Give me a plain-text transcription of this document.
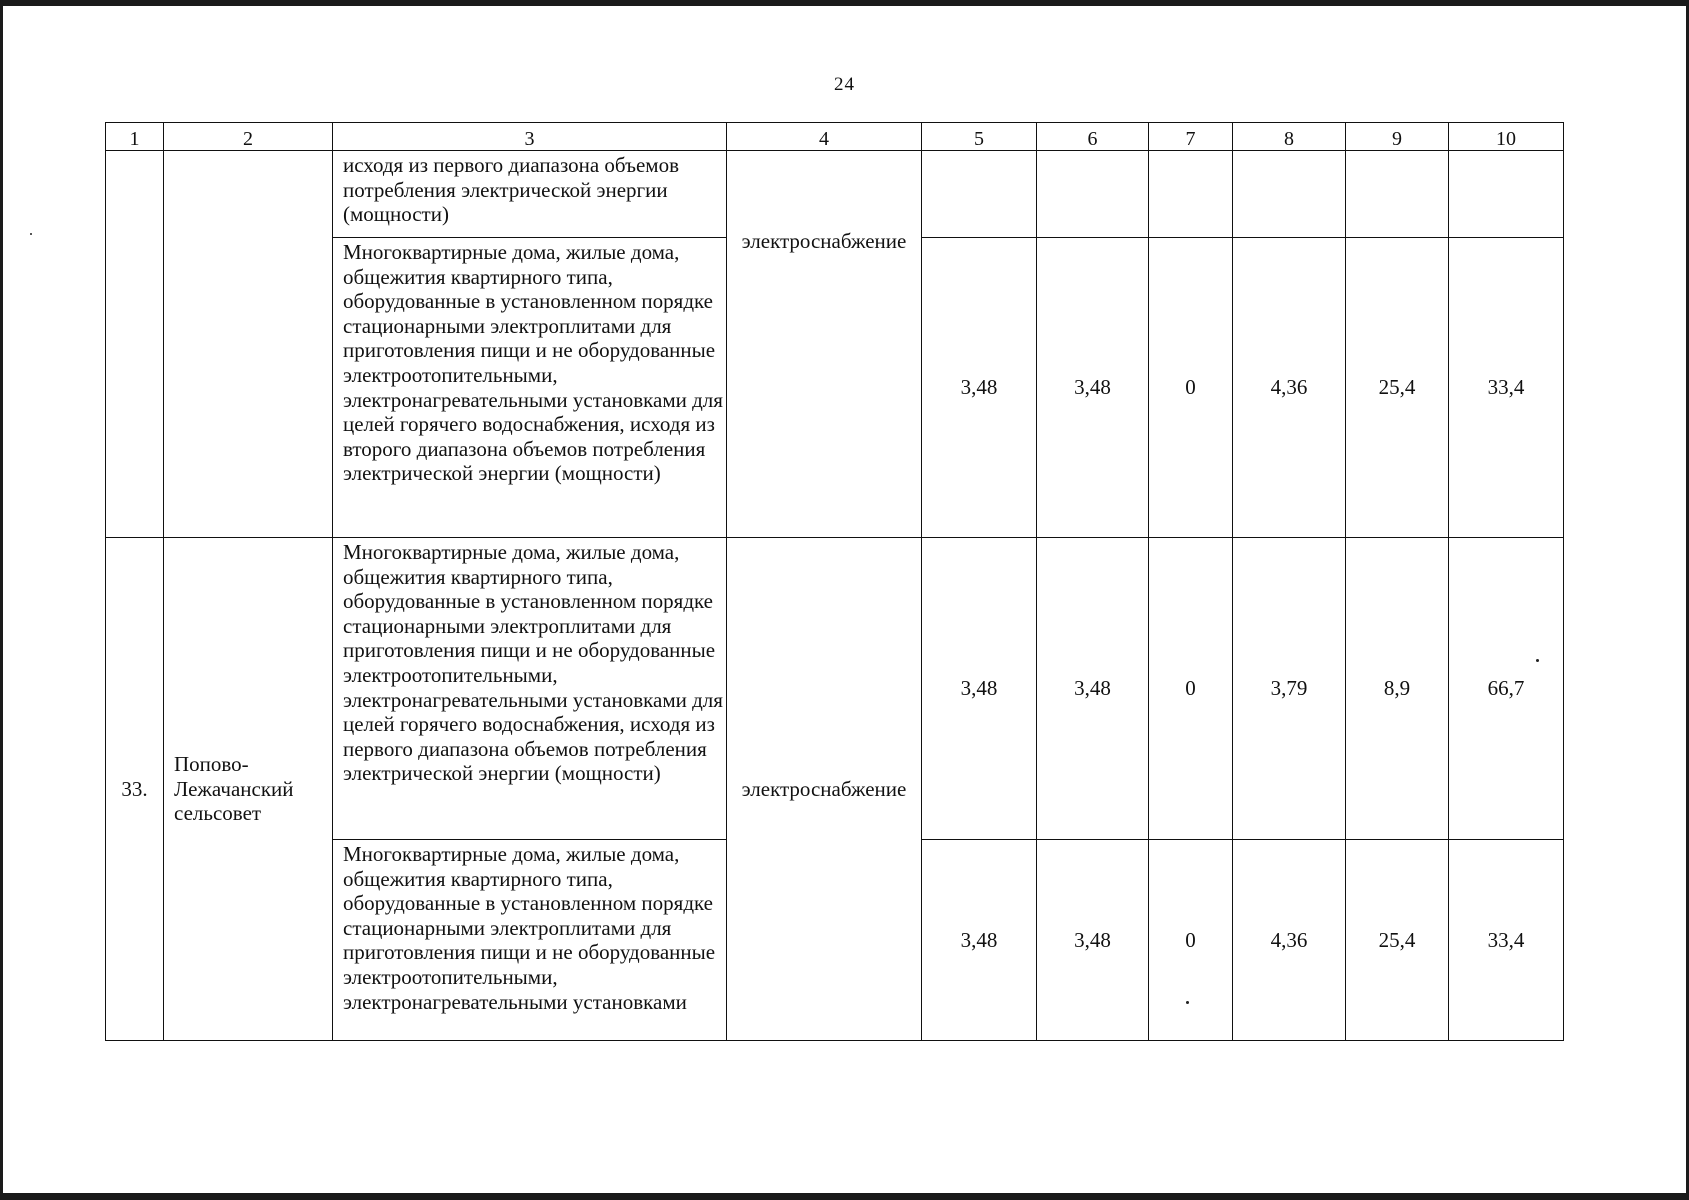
24
1	2	3	4	5	6	7	8	9	10
		исходя из первого диапазона объемов потребления электрической энергии (мощности)	электроснабжение						
		Многоквартирные дома, жилые дома, общежития квартирного типа, оборудованные в установленном порядке стационарными электроплитами для приготовления пищи и не оборудованные электроотопительными, электронагревательными установками для целей горячего водоснабжения, исходя из второго диапазона объемов потребления электрической энергии (мощности)		3,48	3,48	0	4,36	25,4	33,4
33.	Попово-Лежачанский сельсовет	Многоквартирные дома, жилые дома, общежития квартирного типа, оборудованные в установленном порядке стационарными электроплитами для приготовления пищи и не оборудованные электроотопительными, электронагревательными установками для целей горячего водоснабжения, исходя из первого диапазона объемов потребления электрической энергии (мощности)	электроснабжение	3,48	3,48	0	3,79	8,9	66,7
		Многоквартирные дома, жилые дома, общежития квартирного типа, оборудованные в установленном порядке стационарными электроплитами для приготовления пищи и не оборудованные электроотопительными, электронагревательными установками		3,48	3,48	0	4,36	25,4	33,4
